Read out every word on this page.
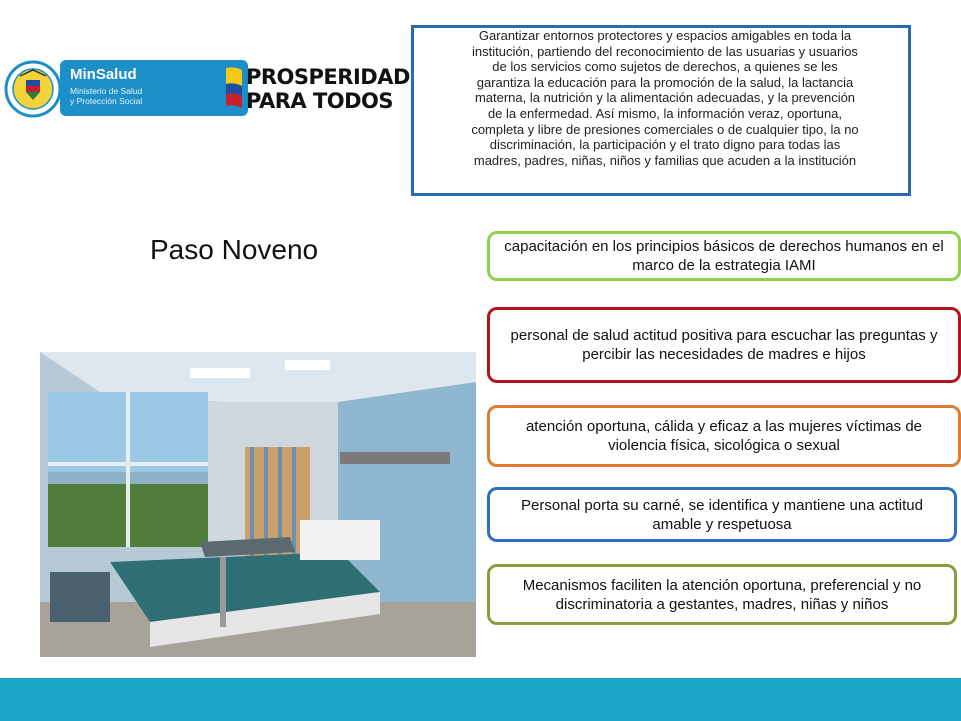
MinSalud
Ministerio de Salud
y Protección Social
PROSPERIDAD
PARA TODOS
Paso Noveno
Garantizar entornos protectores y espacios amigables en toda la
institución, partiendo del reconocimiento de las usuarias y usuarios
de los servicios como sujetos de derechos, a quienes se les
garantiza la educación para la promoción de la salud, la lactancia
materna, la nutrición y la alimentación adecuadas, y la prevención
de la enfermedad. Así mismo, la información veraz, oportuna,
completa y libre de presiones comerciales o de cualquier tipo, la no
discriminación, la participación y el trato digno para todas las
madres, padres, niñas, niños y familias que acuden a la institución
capacitación en los principios básicos de derechos humanos en el marco de la estrategia IAMI
personal de salud actitud positiva para escuchar las preguntas y percibir las necesidades de madres e hijos
atención oportuna, cálida y eficaz a las mujeres víctimas de violencia física, sicológica o sexual
Personal porta su carné, se identifica y mantiene una actitud amable y respetuosa
Mecanismos faciliten la atención oportuna, preferencial y no discriminatoria a gestantes, madres, niñas y niños
